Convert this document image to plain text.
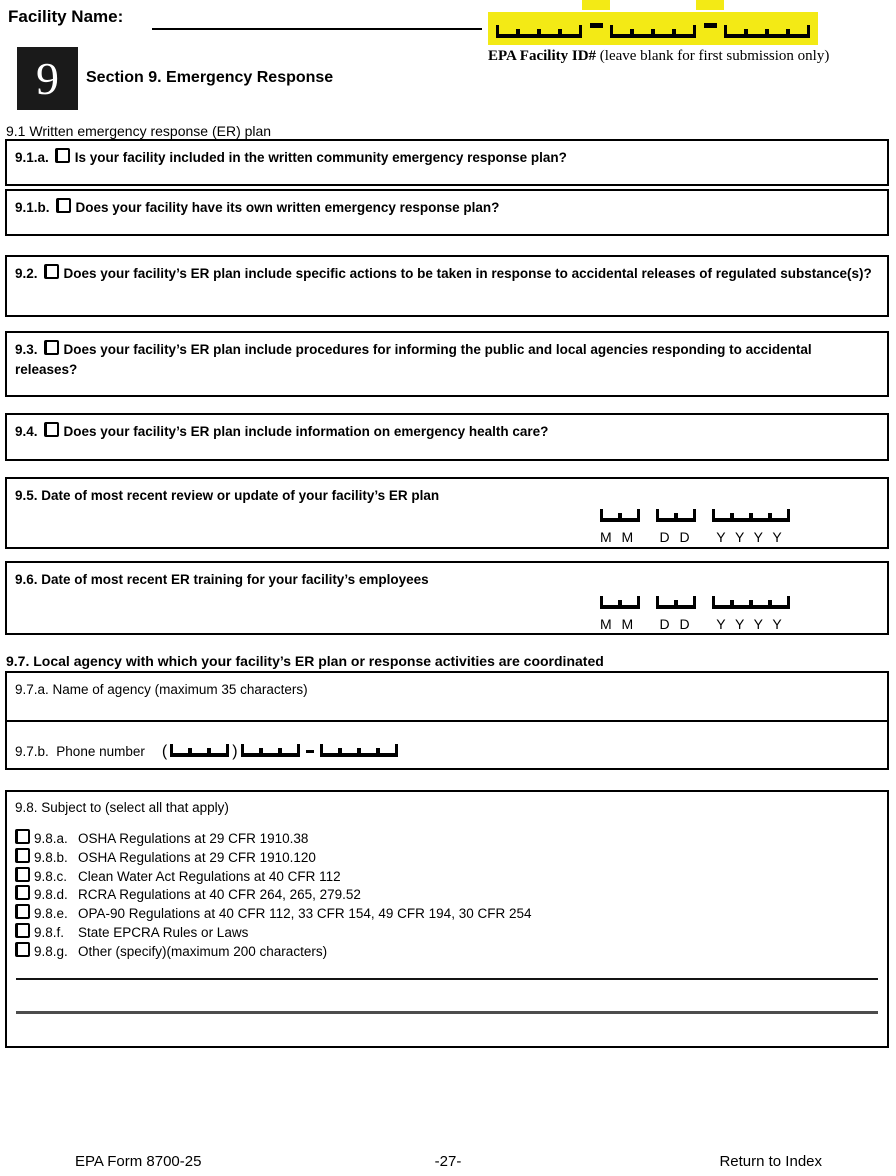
Facility Name:
EPA Facility ID# (leave blank for first submission only)
9 Section 9. Emergency Response
9.1 Written emergency response (ER) plan
9.1.a. Is your facility included in the written community emergency response plan?
9.1.b. Does your facility have its own written emergency response plan?
9.2. Does your facility’s ER plan include specific actions to be taken in response to accidental releases of regulated substance(s)?
9.3. Does your facility’s ER plan include procedures for informing the public and local agencies responding to accidental releases?
9.4. Does your facility’s ER plan include information on emergency health care?
9.5. Date of most recent review or update of your facility’s ER plan
M M	D D	Y Y Y Y
9.6. Date of most recent ER training for your facility’s employees
M M	D D	Y Y Y Y
9.7. Local agency with which your facility’s ER plan or response activities are coordinated
9.7.a. Name of agency (maximum 35 characters)
9.7.b.
Phone number (	)
9.8. Subject to (select all that apply)
9.8.a. OSHA Regulations at 29 CFR 1910.38
9.8.b. OSHA Regulations at 29 CFR 1910.120
9.8.c. Clean Water Act Regulations at 40 CFR 112
9.8.d. RCRA Regulations at 40 CFR 264, 265, 279.52
9.8.e. OPA-90 Regulations at 40 CFR 112, 33 CFR 154, 49 CFR 194, 30 CFR 254
9.8.f. State EPCRA Rules or Laws
9.8.g. Other (specify)(maximum 200 characters)
EPA Form 8700-25	-27-	Return to Index
